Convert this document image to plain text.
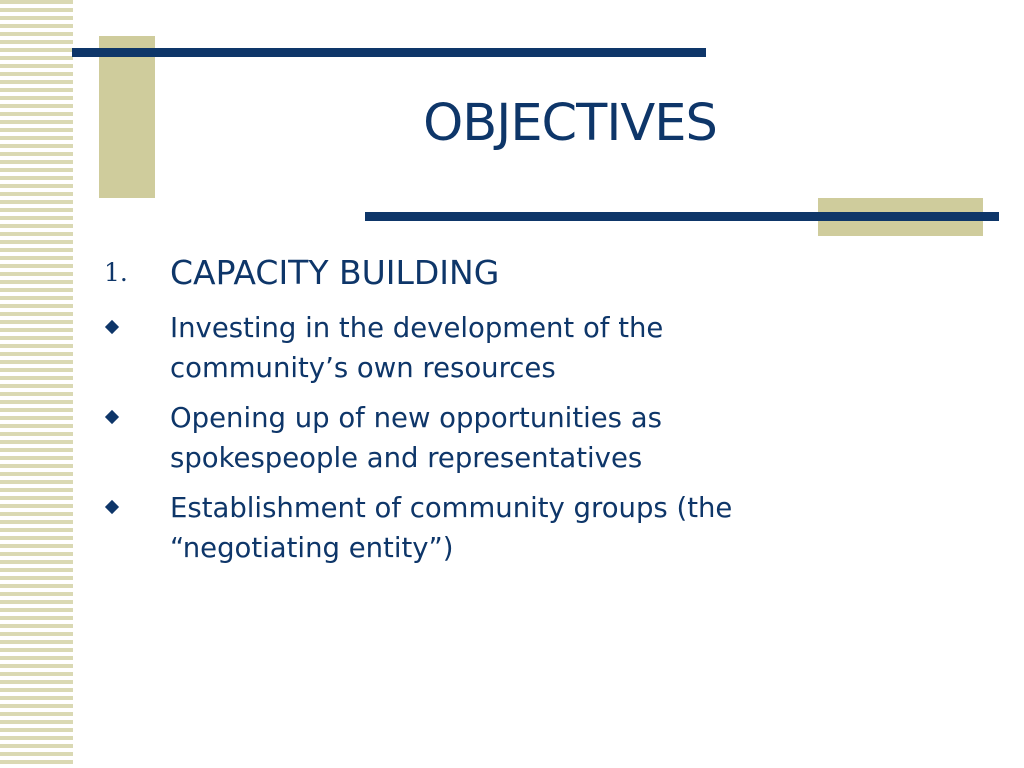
OBJECTIVES
1. CAPACITY BUILDING
Investing in the development of the
community’s own resources
Opening up of new opportunities as
spokespeople and representatives
Establishment of community groups (the
“negotiating entity”)
